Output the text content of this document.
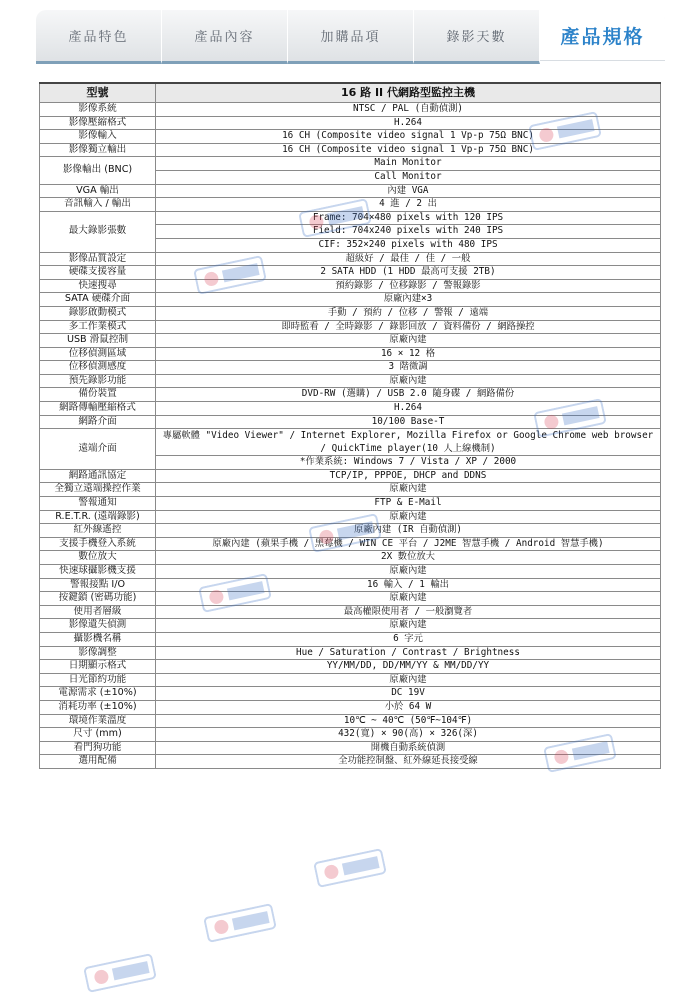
產品特色	產品內容	加購品項	錄影天數	產品規格
型號	16 路 II 代網路型監控主機
影像系統	NTSC / PAL (自動偵測)
影像壓縮格式	H.264
影像輸入	16 CH (Composite video signal 1 Vp-p 75Ω BNC)
影像獨立輸出	16 CH (Composite video signal 1 Vp-p 75Ω BNC)
影像輸出 (BNC)	Main Monitor
	Call Monitor
VGA 輸出	內建 VGA
音訊輸入 / 輸出	4 進 / 2 出
最大錄影張數	Frame: 704×480 pixels with 120 IPS
	Field: 704x240 pixels with 240 IPS
	CIF: 352×240 pixels with 480 IPS
影像品質設定	超級好 / 最佳 / 佳 / 一般
硬碟支援容量	2 SATA HDD (1 HDD 最高可支援 2TB)
快速搜尋	預約錄影 / 位移錄影 / 警報錄影
SATA 硬碟介面	原廠內建×3
錄影啟動模式	手動 / 預約 / 位移 / 警報 / 遠端
多工作業模式	即時監看 / 全時錄影 / 錄影回放 / 資料備份 / 網路操控
USB 滑鼠控制	原廠內建
位移偵測區域	16 × 12 格
位移偵測感度	3 階微調
預先錄影功能	原廠內建
備份裝置	DVD-RW (選購) / USB 2.0 隨身碟 / 網路備份
網路傳輸壓縮格式	H.264
網路介面	10/100 Base-T
遠端介面	專屬軟體 "Video Viewer" / Internet Explorer, Mozilla Firefox or Google Chrome web browser / QuickTime player(10 人上線機制)
	*作業系統: Windows 7 / Vista / XP / 2000
網路通訊協定	TCP/IP, PPPOE, DHCP and DDNS
全獨立遠端操控作業	原廠內建
警報通知	FTP & E-Mail
R.E.T.R. (遠端錄影)	原廠內建
紅外線遙控	原廠內建 (IR 自動偵測)
支援手機登入系統	原廠內建 (蘋果手機 / 黑莓機 / WIN CE 平台 / J2ME 智慧手機 / Android 智慧手機)
數位放大	2X 數位放大
快速球攝影機支援	原廠內建
警報接點 I/O	16 輸入 / 1 輸出
按鍵鎖 (密碼功能)	原廠內建
使用者層級	最高權限使用者 / 一般瀏覽者
影像遺失偵測	原廠內建
攝影機名稱	6 字元
影像調整	Hue / Saturation / Contrast / Brightness
日期顯示格式	YY/MM/DD, DD/MM/YY & MM/DD/YY
日光節約功能	原廠內建
電源需求 (±10%)	DC 19V
消耗功率 (±10%)	小於 64 W
環境作業溫度	10℃ ~ 40℃ (50℉~104℉)
尺寸 (mm)	432(寬) × 90(高) × 326(深)
看門狗功能	開機自動系統偵測
選用配備	全功能控制盤、紅外線延長接受線
